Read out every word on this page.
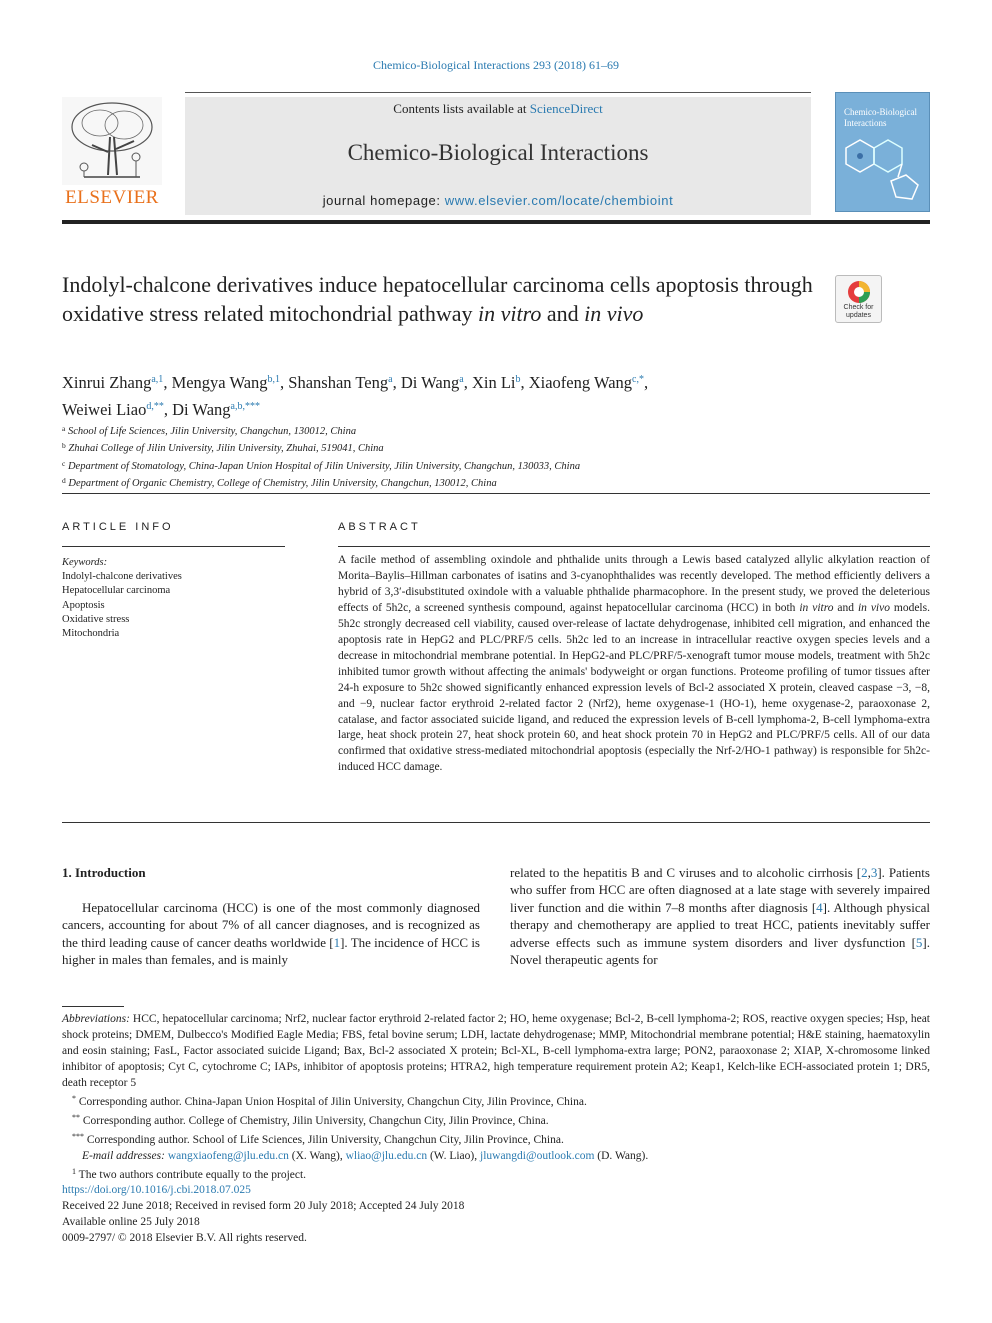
Chemico-Biological Interactions 293 (2018) 61–69
ELSEVIER
Contents lists available at ScienceDirect
Chemico-Biological Interactions
journal homepage: www.elsevier.com/locate/chembioint
Chemico-Biological Interactions
Indolyl-chalcone derivatives induce hepatocellular carcinoma cells apoptosis through oxidative stress related mitochondrial pathway in vitro and in vivo	Check for
updates
Xinrui Zhang$^{a,1}$, Mengya Wang$^{b,1}$, Shanshan Teng$^a$, Di Wang$^a$, Xin Li$^b$, Xiaofeng Wang$^{c,*}$,
Weiwei Liao$^{d,**}$, Di Wang$^{a,b,***}$
$^a$ School of Life Sciences, Jilin University, Changchun, 130012, China
$^b$ Zhuhai College of Jilin University, Jilin University, Zhuhai, 519041, China
$^c$ Department of Stomatology, China-Japan Union Hospital of Jilin University, Jilin University, Changchun, 130033, China
$^d$ Department of Organic Chemistry, College of Chemistry, Jilin University, Changchun, 130012, China
ARTICLE INFO
Keywords:
Indolyl-chalcone derivatives
Hepatocellular carcinoma
Apoptosis
Oxidative stress
Mitochondria
ABSTRACT
A facile method of assembling oxindole and phthalide units through a Lewis based catalyzed allylic alkylation reaction of Morita–Baylis–Hillman carbonates of isatins and 3-cyanophthalides was recently developed. The method efficiently delivers a hybrid of 3,3′-disubstituted oxindole with a valuable phthalide pharmacophore. In the present study, we proved the deleterious effects of 5h2c, a screened synthesis compound, against hepatocellular carcinoma (HCC) in both in vitro and in vivo models. 5h2c strongly decreased cell viability, caused over-release of lactate dehydrogenase, inhibited cell migration, and enhanced the apoptosis rate in HepG2 and PLC/PRF/5 cells. 5h2c led to an increase in intracellular reactive oxygen species levels and a decrease in mitochondrial membrane potential. In HepG2-and PLC/PRF/5-xenograft tumor mouse models, treatment with 5h2c inhibited tumor growth without affecting the animals' bodyweight or organ functions. Proteome profiling of tumor tissues after 24-h exposure to 5h2c showed significantly enhanced expression levels of Bcl-2 associated X protein, cleaved caspase −3, −8, and −9, nuclear factor erythroid 2-related factor 2 (Nrf2), heme oxygenase-1 (HO-1), heme oxygenase-2, paraoxonase 2, catalase, and factor associated suicide ligand, and reduced the expression levels of B-cell lymphoma-2, B-cell lymphoma-extra large, heat shock protein 27, heat shock protein 60, and heat shock protein 70 in HepG2 and PLC/PRF/5 cells. All of our data confirmed that oxidative stress-mediated mitochondrial apoptosis (especially the Nrf-2/HO-1 pathway) is responsible for 5h2c-induced HCC damage.
1. Introduction
Hepatocellular carcinoma (HCC) is one of the most commonly diagnosed cancers, accounting for about 7% of all cancer diagnoses, and is recognized as the third leading cause of cancer deaths worldwide [1]. The incidence of HCC is higher in males than females, and is mainly
related to the hepatitis B and C viruses and to alcoholic cirrhosis [2,3]. Patients who suffer from HCC are often diagnosed at a late stage with severely impaired liver function and die within 7–8 months after diagnosis [4]. Although physical therapy and chemotherapy are applied to treat HCC, patients inevitably suffer adverse effects such as immune system disorders and liver dysfunction [5]. Novel therapeutic agents for
Abbreviations: HCC, hepatocellular carcinoma; Nrf2, nuclear factor erythroid 2-related factor 2; HO, heme oxygenase; Bcl-2, B-cell lymphoma-2; ROS, reactive oxygen species; Hsp, heat shock proteins; DMEM, Dulbecco's Modified Eagle Media; FBS, fetal bovine serum; LDH, lactate dehydrogenase; MMP, Mitochondrial membrane potential; H&E staining, haematoxylin and eosin staining; FasL, Factor associated suicide Ligand; Bax, Bcl-2 associated X protein; Bcl-XL, B-cell lymphoma-extra large; PON2, paraoxonase 2; XIAP, X-chromosome linked inhibitor of apoptosis; Cyt C, cytochrome C; IAPs, inhibitor of apoptosis proteins; HTRA2, high temperature requirement protein A2; Keap1, Kelch-like ECH-associated protein 1; DR5, death receptor 5
* Corresponding author. China-Japan Union Hospital of Jilin University, Changchun City, Jilin Province, China.
** Corresponding author. College of Chemistry, Jilin University, Changchun City, Jilin Province, China.
*** Corresponding author. School of Life Sciences, Jilin University, Changchun City, Jilin Province, China.
E-mail addresses: wangxiaofeng@jlu.edu.cn (X. Wang), wliao@jlu.edu.cn (W. Liao), jluwangdi@outlook.com (D. Wang).
$^1$ The two authors contribute equally to the project.
https://doi.org/10.1016/j.cbi.2018.07.025
Received 22 June 2018; Received in revised form 20 July 2018; Accepted 24 July 2018
Available online 25 July 2018
0009-2797/ © 2018 Elsevier B.V. All rights reserved.
